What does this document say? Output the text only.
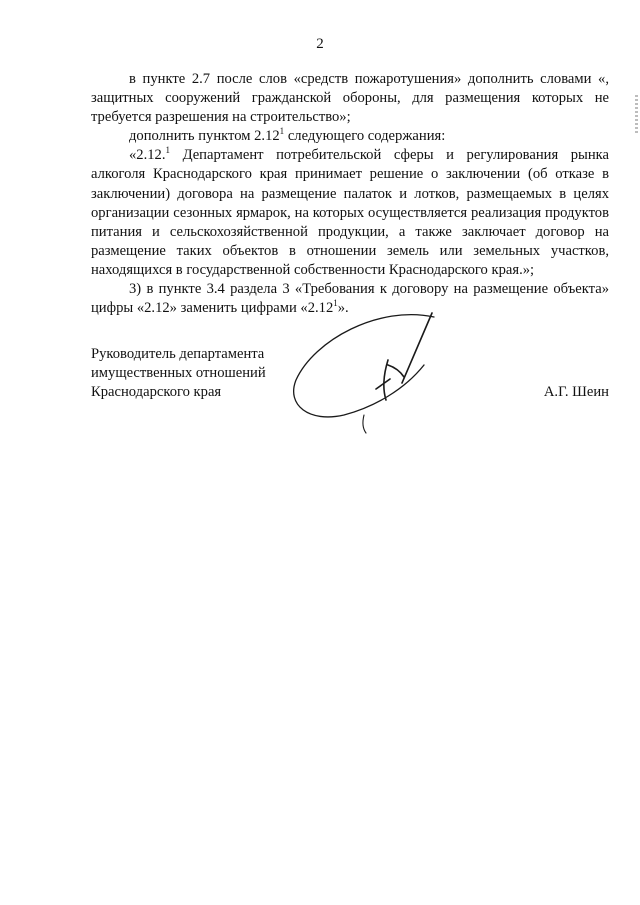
2

в пункте 2.7 после слов «средств пожаротушения» дополнить словами «, защитных сооружений гражданской обороны, для размещения которых не требуется разрешения на строительство»;

дополнить пунктом 2.12$^1$ следующего содержания:

«2.12.$^1$ Департамент потребительской сферы и регулирования рынка алкоголя Краснодарского края принимает решение о заключении (об отказе в заключении) договора на размещение палаток и лотков, размещаемых в целях организации сезонных ярмарок, на которых осуществляется реализация продуктов питания и сельскохозяйственной продукции, а также заключает договор на размещение таких объектов в отношении земель или земельных участков, находящихся в государственной собственности Краснодарского края.»;

3) в пункте 3.4 раздела 3 «Требования к договору на размещение объекта» цифры «2.12» заменить цифрами «2.12$^1$».

Руководитель департамента
имущественных отношений
Краснодарского края	А.Г. Шеин
